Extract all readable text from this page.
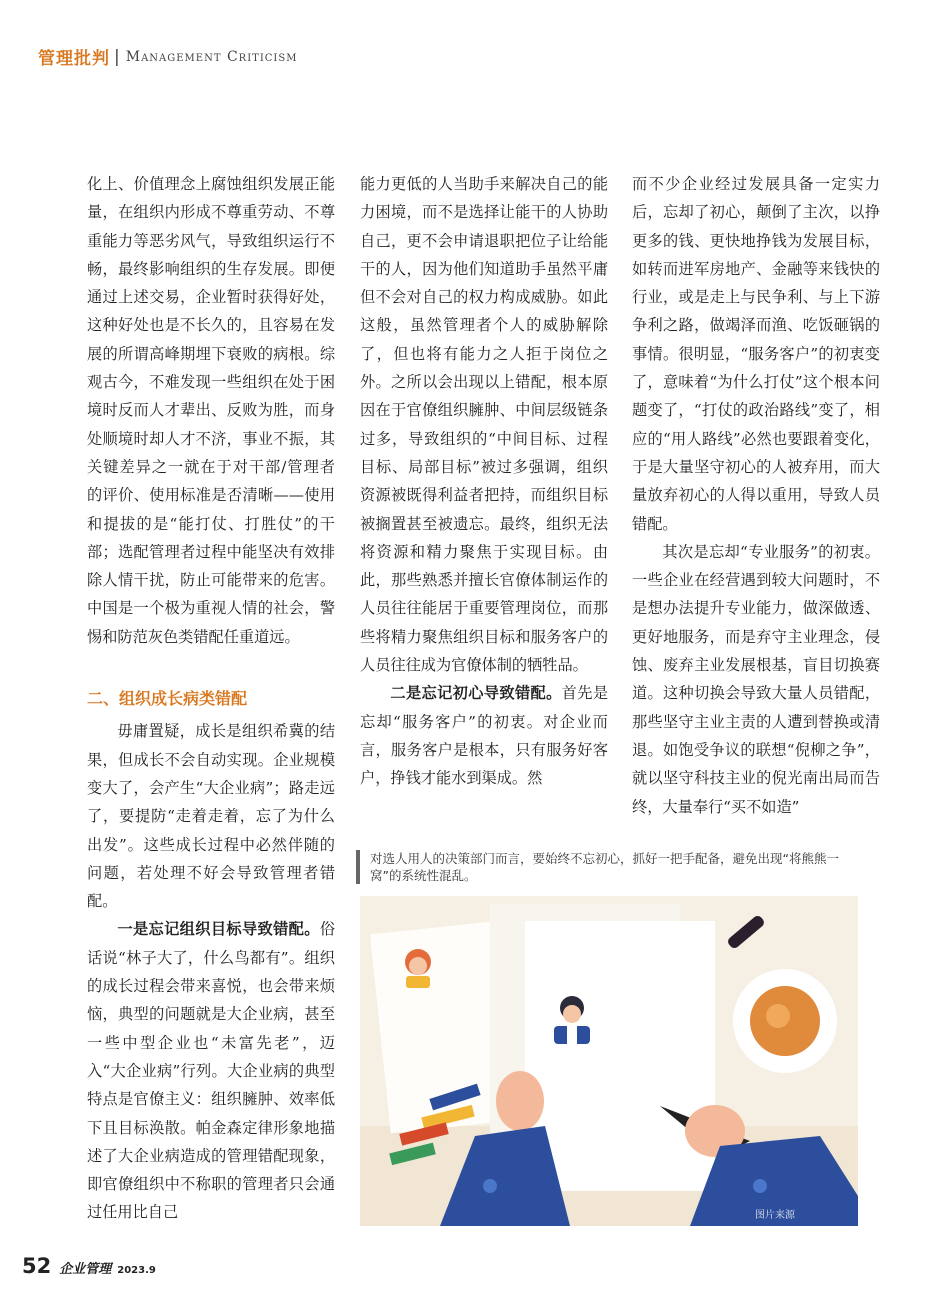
管理批判 | Management Criticism

化上、价值理念上腐蚀组织发展正能量，在组织内形成不尊重劳动、不尊重能力等恶劣风气，导致组织运行不畅，最终影响组织的生存发展。即便通过上述交易，企业暂时获得好处，这种好处也是不长久的，且容易在发展的所谓高峰期埋下衰败的病根。综观古今，不难发现一些组织在处于困境时反而人才辈出、反败为胜，而身处顺境时却人才不济，事业不振，其关键差异之一就在于对干部/管理者的评价、使用标准是否清晰——使用和提拔的是“能打仗、打胜仗”的干部；选配管理者过程中能坚决有效排除人情干扰，防止可能带来的危害。中国是一个极为重视人情的社会，警惕和防范灰色类错配任重道远。

二、组织成长病类错配

毋庸置疑，成长是组织希冀的结果，但成长不会自动实现。企业规模变大了，会产生“大企业病”；路走远了，要提防“走着走着，忘了为什么出发”。这些成长过程中必然伴随的问题，若处理不好会导致管理者错配。

一是忘记组织目标导致错配。俗话说“林子大了，什么鸟都有”。组织的成长过程会带来喜悦，也会带来烦恼，典型的问题就是大企业病，甚至一些中型企业也“未富先老”，迈入“大企业病”行列。大企业病的典型特点是官僚主义：组织臃肿、效率低下且目标涣散。帕金森定律形象地描述了大企业病造成的管理错配现象，即官僚组织中不称职的管理者只会通过任用比自己

能力更低的人当助手来解决自己的能力困境，而不是选择让能干的人协助自己，更不会申请退职把位子让给能干的人，因为他们知道助手虽然平庸但不会对自己的权力构成威胁。如此这般，虽然管理者个人的威胁解除了，但也将有能力之人拒于岗位之外。之所以会出现以上错配，根本原因在于官僚组织臃肿、中间层级链条过多，导致组织的“中间目标、过程目标、局部目标”被过多强调，组织资源被既得利益者把持，而组织目标被搁置甚至被遗忘。最终，组织无法将资源和精力聚焦于实现目标。由此，那些熟悉并擅长官僚体制运作的人员往往能居于重要管理岗位，而那些将精力聚焦组织目标和服务客户的人员往往成为官僚体制的牺牲品。

二是忘记初心导致错配。首先是忘却“服务客户”的初衷。对企业而言，服务客户是根本，只有服务好客户，挣钱才能水到渠成。然

而不少企业经过发展具备一定实力后，忘却了初心，颠倒了主次，以挣更多的钱、更快地挣钱为发展目标，如转而进军房地产、金融等来钱快的行业，或是走上与民争利、与上下游争利之路，做竭泽而渔、吃饭砸锅的事情。很明显，“服务客户”的初衷变了，意味着“为什么打仗”这个根本问题变了，“打仗的政治路线”变了，相应的“用人路线”必然也要跟着变化，于是大量坚守初心的人被弃用，而大量放弃初心的人得以重用，导致人员错配。

其次是忘却“专业服务”的初衷。一些企业在经营遇到较大问题时，不是想办法提升专业能力，做深做透、更好地服务，而是弃守主业理念，侵蚀、废弃主业发展根基，盲目切换赛道。这种切换会导致大量人员错配，那些坚守主业主责的人遭到替换或清退。如饱受争议的联想“倪柳之争”，就以坚守科技主业的倪光南出局而告终，大量奉行“买不如造”

对选人用人的决策部门而言，要始终不忘初心，抓好一把手配备，避免出现“将熊熊一窝”的系统性混乱。
图片来源
52 企业管理 2023.9
